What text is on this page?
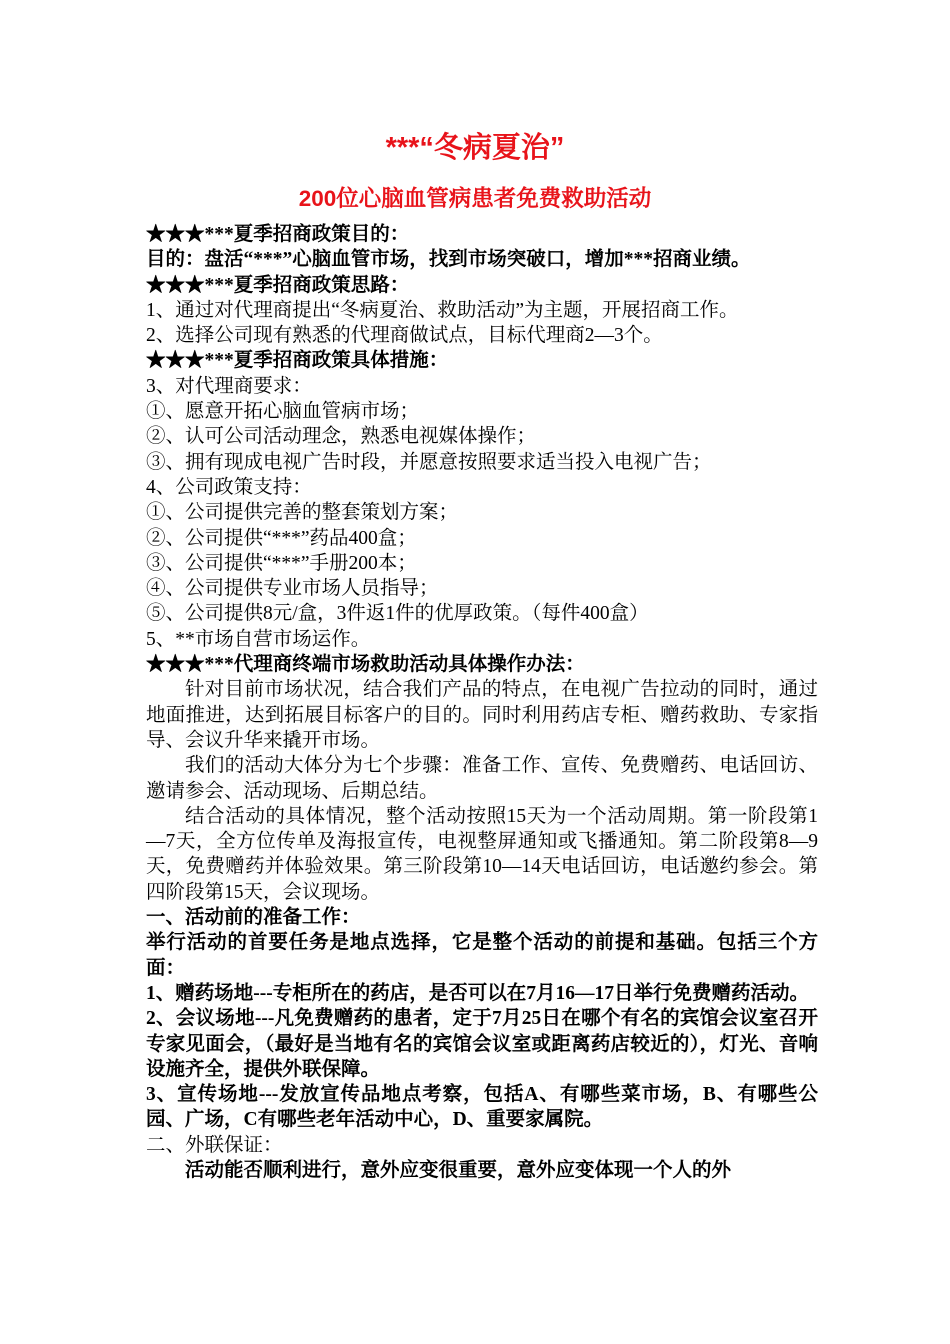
***“冬病夏治”
200位心脑血管病患者免费救助活动

★★★***夏季招商政策目的：

目的：盘活“***”心脑血管市场，找到市场突破口，增加***招商业绩。

★★★***夏季招商政策思路：

1、通过对代理商提出“冬病夏治、救助活动”为主题，开展招商工作。

2、选择公司现有熟悉的代理商做试点，目标代理商2—3个。

★★★***夏季招商政策具体措施：

3、对代理商要求：

①、愿意开拓心脑血管病市场；

②、认可公司活动理念，熟悉电视媒体操作；

③、拥有现成电视广告时段，并愿意按照要求适当投入电视广告；

4、公司政策支持：

①、公司提供完善的整套策划方案；

②、公司提供“***”药品400盒；

③、公司提供“***”手册200本；

④、公司提供专业市场人员指导；

⑤、公司提供8元/盒，3件返1件的优厚政策。（每件400盒）

5、**市场自营市场运作。

★★★***代理商终端市场救助活动具体操作办法：

针对目前市场状况，结合我们产品的特点，在电视广告拉动的同时，通过地面推进，达到拓展目标客户的目的。同时利用药店专柜、赠药救助、专家指导、会议升华来撬开市场。

我们的活动大体分为七个步骤：准备工作、宣传、免费赠药、电话回访、邀请参会、活动现场、后期总结。

结合活动的具体情况，整个活动按照15天为一个活动周期。第一阶段第1—7天，全方位传单及海报宣传，电视整屏通知或飞播通知。第二阶段第8—9天，免费赠药并体验效果。第三阶段第10—14天电话回访，电话邀约参会。第四阶段第15天，会议现场。

一、活动前的准备工作：

举行活动的首要任务是地点选择，它是整个活动的前提和基础。包括三个方面：

1、赠药场地---专柜所在的药店，是否可以在7月16—17日举行免费赠药活动。

2、会议场地---凡免费赠药的患者，定于7月25日在哪个有名的宾馆会议室召开专家见面会，（最好是当地有名的宾馆会议室或距离药店较近的），灯光、音响设施齐全，提供外联保障。

3、宣传场地---发放宣传品地点考察，包括A、有哪些菜市场，B、有哪些公园、广场，C有哪些老年活动中心，D、重要家属院。

二、外联保证：

活动能否顺利进行，意外应变很重要，意外应变体现一个人的外
